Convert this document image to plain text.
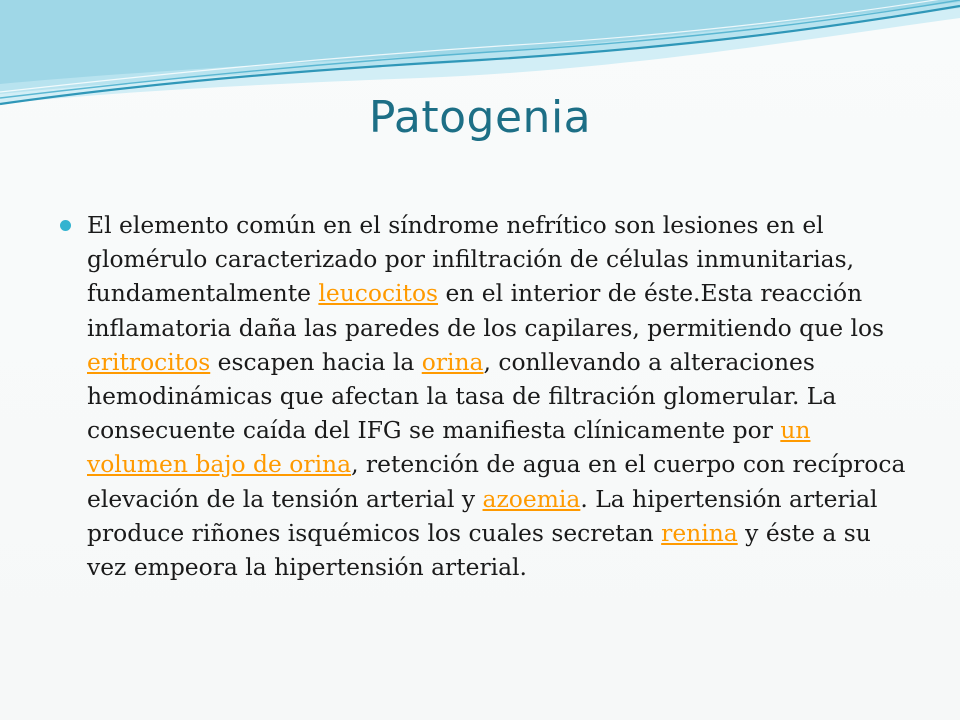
Patogenia

El elemento común en el síndrome nefrítico son lesiones en el glomérulo caracterizado por infiltración de células inmunitarias, fundamentalmente leucocitos en el interior de éste.Esta reacción inflamatoria daña las paredes de los capilares, permitiendo que los eritrocitos escapen hacia la orina, conllevando a alteraciones hemodinámicas que afectan la tasa de filtración glomerular. La consecuente caída del IFG se manifiesta clínicamente por un volumen bajo de orina, retención de agua en el cuerpo con recíproca elevación de la tensión arterial y azoemia. La hipertensión arterial produce riñones isquémicos los cuales secretan renina y éste a su vez empeora la hipertensión arterial.
